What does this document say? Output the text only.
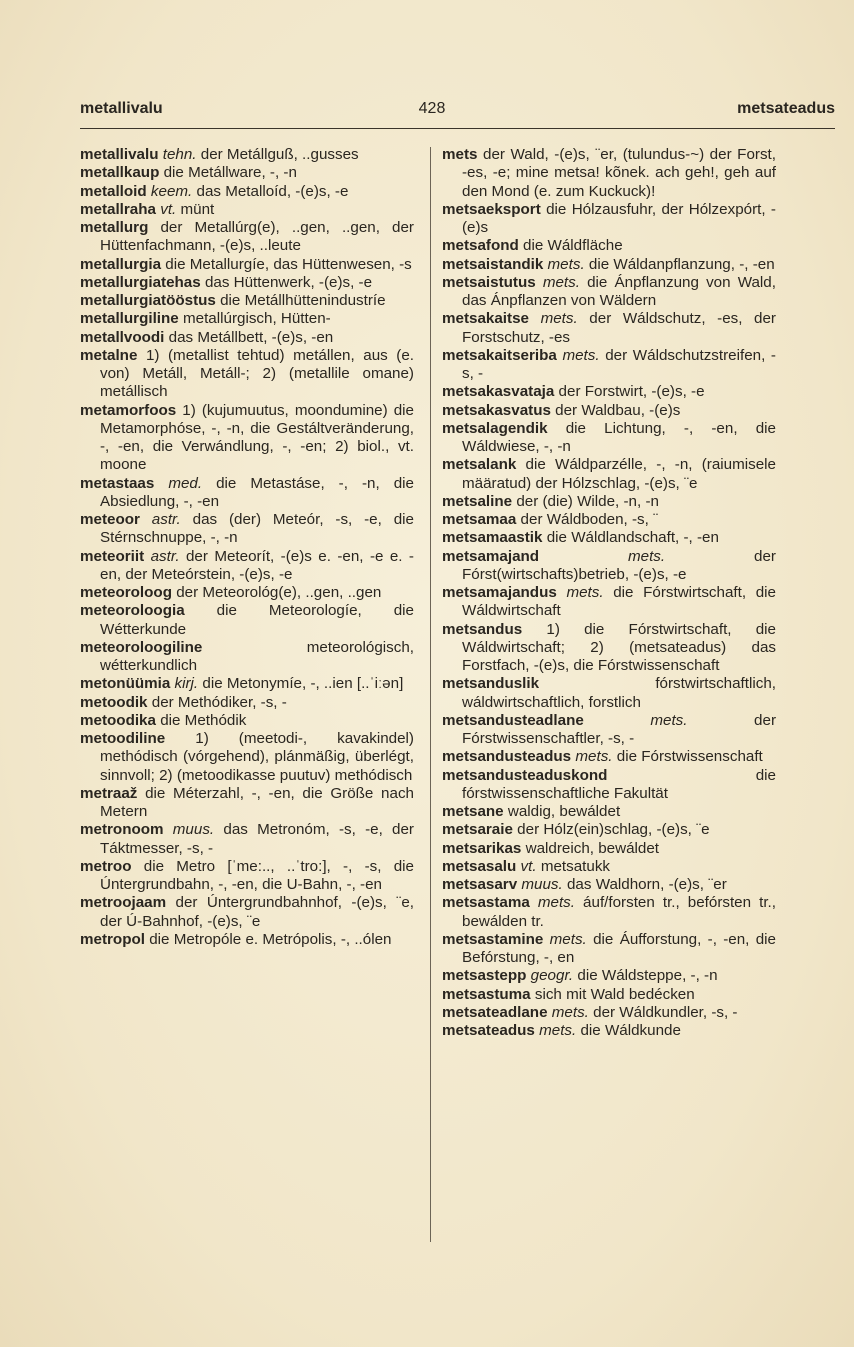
metallivalu	428	metsateadus
metallivalu tehn. der Metállguß, ..gusses
metallkaup die Metállware, -, -n
metalloid keem. das Metalloíd, -(e)s, -e
metallraha vt. münt
metallurg der Metallúrg(e), ..gen, ..gen, der Hüttenfachmann, -(e)s, ..leute
metallurgia die Metallurgíe, das Hüttenwesen, -s
metallurgiatehas das Hüttenwerk, -(e)s, -e
metallurgiatööstus die Metállhüttenindustríe
metallurgiline metallúrgisch, Hütten-
metallvoodi das Metállbett, -(e)s, -en
metalne 1) (metallist tehtud) metállen, aus (e. von) Metáll, Metáll-; 2) (metallile omane) metállisch
metamorfoos 1) (kujumuutus, moondumine) die Metamorphóse, -, -n, die Gestáltveränderung, -, -en, die Verwándlung, -, -en; 2) biol., vt. moone
metastaas med. die Metastáse, -, -n, die Absiedlung, -, -en
meteoor astr. das (der) Meteór, -s, -e, die Stérnschnuppe, -, -n
meteoriit astr. der Meteorít, -(e)s e. -en, -e e. -en, der Meteórstein, -(e)s, -e
meteoroloog der Meteorológ(e), ..gen, ..gen
meteoroloogia die Meteorologíe, die Wétterkunde
meteoroloogiline	meteorológisch, wétterkundlich
metonüümia kirj. die Metonymíe, -, ..ien [..ˈiːən]
metoodik der Methódiker, -s, -
metoodika die Methódik
metoodiline 1) (meetodi-, kavakindel) methódisch (vórgehend), plánmäßig, überlégt, sinnvoll; 2) (metoodikasse puutuv) methódisch
metraaž die Méterzahl, -, -en, die Größe nach Metern
metronoom muus. das Metronóm, -s, -e, der Táktmesser, -s, -
metroo die Metro [ˈme:.., ..ˈtro:], -, -s, die Úntergrundbahn, -, -en, die U-Bahn, -, -en
metroojaam der Úntergrundbahnhof, -(e)s, ¨e, der Ú-Bahnhof, -(e)s, ¨e
metropol die Metropóle e. Metrópolis, -, ..ólen
mets der Wald, -(e)s, ¨er, (tulundus-~) der Forst, -es, -e; mine metsa! kõnek. ach geh!, geh auf den Mond (e. zum Kuckuck)!
metsaeksport die Hólzausfuhr, der Hólzexpórt, -(e)s
metsafond die Wáldfläche
metsaistandik mets. die Wáldanpflanzung, -, -en
metsaistutus mets. die Ánpflanzung von Wald, das Ánpflanzen von Wäldern
metsakaitse mets. der Wáldschutz, -es, der Forstschutz, -es
metsakaitseriba mets. der Wáldschutzstreifen, -s, -
metsakasvataja der Forstwirt, -(e)s, -e
metsakasvatus der Waldbau, -(e)s
metsalagendik die Lichtung, -, -en, die Wáldwiese, -, -n
metsalank die Wáldparzélle, -, -n, (raiumisele määratud) der Hólzschlag, -(e)s, ¨e
metsaline der (die) Wilde, -n, -n
metsamaa der Wáldboden, -s, ¨
metsamaastik die Wáldlandschaft, -, -en
metsamajand	mets.	der Fórst(wirtschafts)betrieb, -(e)s, -e
metsamajandus mets. die Fórstwirtschaft, die Wáldwirtschaft
metsandus 1) die Fórstwirtschaft, die Wáldwirtschaft; 2) (metsateadus) das Forstfach, -(e)s, die Fórstwissenschaft
metsanduslik	fórstwirtschaftlich, wáldwirtschaftlich, forstlich
metsandusteadlane	mets.	der Fórstwissenschaftler, -s, -
metsandusteadus mets. die Fórstwissenschaft
metsandusteaduskond	die fórstwissenschaftliche Fakultät
metsane waldig, bewáldet
metsaraie der Hólz(ein)schlag, -(e)s, ¨e
metsarikas waldreich, bewáldet
metsasalu vt. metsatukk
metsasarv muus. das Waldhorn, -(e)s, ¨er
metsastama mets. áuf/forsten tr., befórsten tr., bewálden tr.
metsastamine mets. die Áufforstung, -, -en, die Befórstung, -, en
metsastepp geogr. die Wáldsteppe, -, -n
metsastuma sich mit Wald bedécken
metsateadlane mets. der Wáldkundler, -s, -
metsateadus mets. die Wáldkunde
